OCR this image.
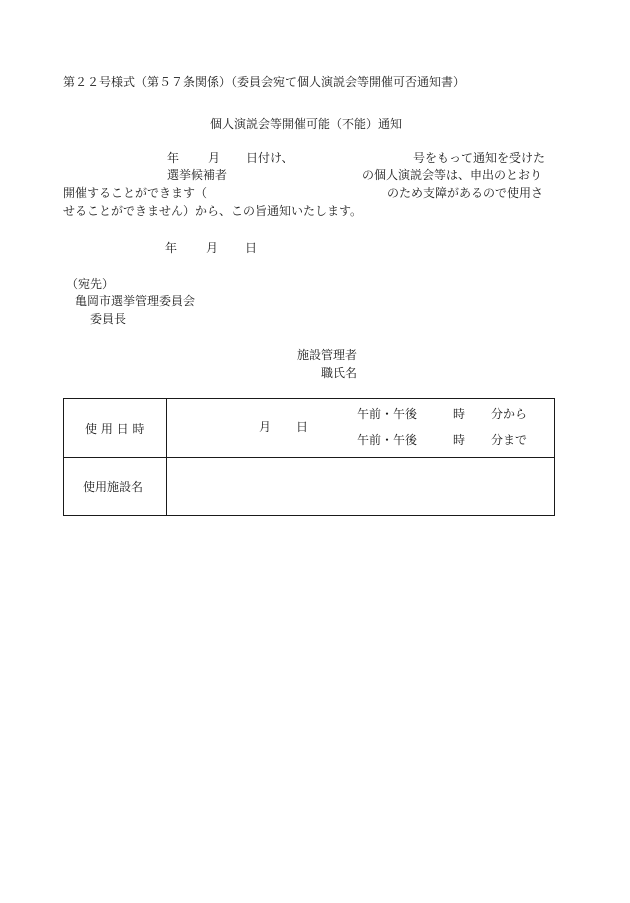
第２２号様式（第５７条関係）（委員会宛て個人演説会等開催可否通知書）
個人演説会等開催可能（不能）通知
年 月 日付け、	号をもって通知を受けた
選挙候補者	の個人演説会等は、申出のとおり
開催することができます（	のため支障があるので使用さ
せることができません）から、この旨通知いたします。
年 月 日
（宛先）
亀岡市選挙管理委員会
委員長
施設管理者
職氏名
使 用 日 時	月 日
午前・午後	時 分から
午前・午後	時 分まで
使用施設名
